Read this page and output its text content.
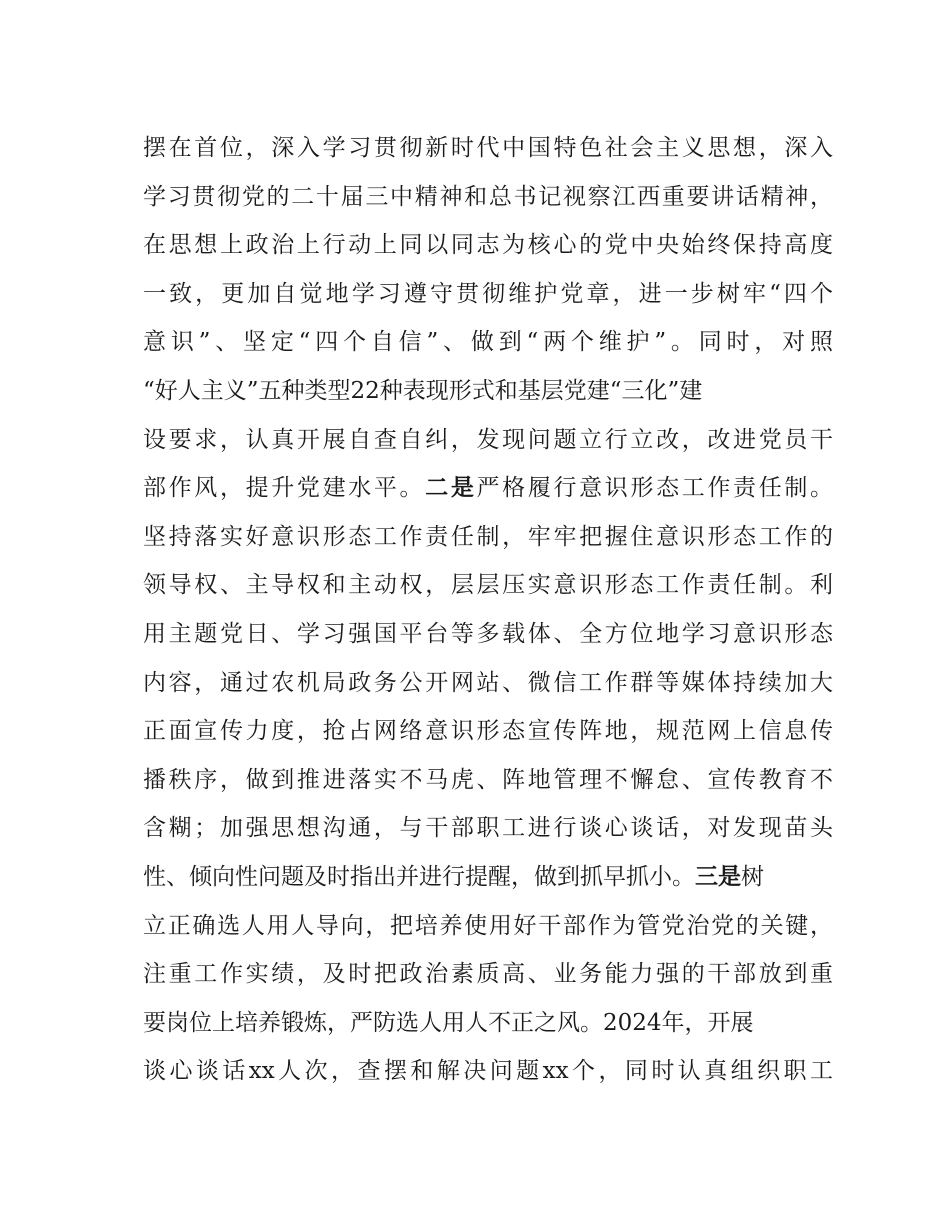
摆在首位，深入学习贯彻新时代中国特色社会主义思想，深入
学习贯彻党的二十届三中精神和总书记视察江西重要讲话精神，
在思想上政治上行动上同以同志为核心的党中央始终保持高度
一致，更加自觉地学习遵守贯彻维护党章，进一步树牢“四个
意识”、坚定“四个自信”、做到“两个维护”。同时，对照
“好人主义”五种类型22种表现形式和基层党建“三化”建
设要求，认真开展自查自纠，发现问题立行立改，改进党员干
部作风，提升党建水平。二是严格履行意识形态工作责任制。
坚持落实好意识形态工作责任制，牢牢把握住意识形态工作的
领导权、主导权和主动权，层层压实意识形态工作责任制。利
用主题党日、学习强国平台等多载体、全方位地学习意识形态
内容，通过农机局政务公开网站、微信工作群等媒体持续加大
正面宣传力度，抢占网络意识形态宣传阵地，规范网上信息传
播秩序，做到推进落实不马虎、阵地管理不懈怠、宣传教育不
含糊；加强思想沟通，与干部职工进行谈心谈话，对发现苗头
性、倾向性问题及时指出并进行提醒，做到抓早抓小。三是树
立正确选人用人导向，把培养使用好干部作为管党治党的关键，
注重工作实绩，及时把政治素质高、业务能力强的干部放到重
要岗位上培养锻炼，严防选人用人不正之风。2024年，开展
谈心谈话xx人次，查摆和解决问题xx个，同时认真组织职工
